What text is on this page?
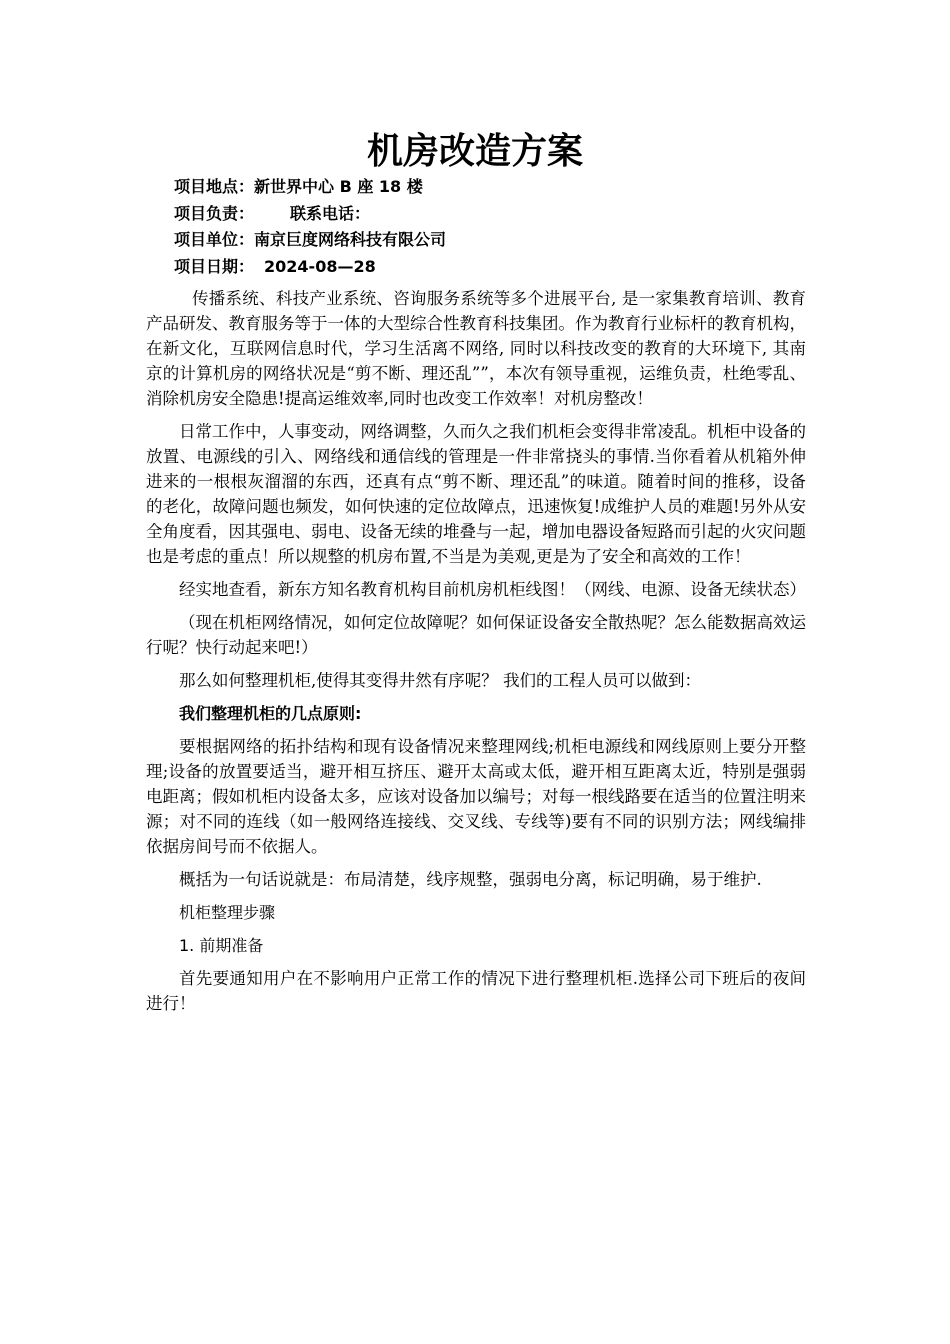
机房改造方案
项目地点：新世界中心 B 座 18 楼
项目负责： 联系电话：
项目单位：南京巨度网络科技有限公司
项目日期： 2024-08—28

传播系统、科技产业系统、咨询服务系统等多个进展平台, 是一家集教育培训、教育产品研发、教育服务等于一体的大型综合性教育科技集团。作为教育行业标杆的教育机构，在新文化，互联网信息时代，学习生活离不网络, 同时以科技改变的教育的大环境下, 其南京的计算机房的网络状况是“剪不断、理还乱””，本次有领导重视，运维负责，杜绝零乱、消除机房安全隐患!提高运维效率,同时也改变工作效率！对机房整改！

日常工作中，人事变动，网络调整，久而久之我们机柜会变得非常凌乱。机柜中设备的放置、电源线的引入、网络线和通信线的管理是一件非常挠头的事情.当你看着从机箱外伸进来的一根根灰溜溜的东西，还真有点“剪不断、理还乱”的味道。随着时间的推移，设备的老化，故障问题也频发，如何快速的定位故障点，迅速恢复!成维护人员的难题!另外从安全角度看，因其强电、弱电、设备无续的堆叠与一起，增加电器设备短路而引起的火灾问题也是考虑的重点！所以规整的机房布置,不当是为美观,更是为了安全和高效的工作！

经实地查看，新东方知名教育机构目前机房机柜线图！（网线、电源、设备无续状态）

（现在机柜网络情况，如何定位故障呢？如何保证设备安全散热呢？怎么能数据高效运行呢？快行动起来吧!）

那么如何整理机柜,使得其变得井然有序呢？ 我们的工程人员可以做到：

我们整理机柜的几点原则:

要根据网络的拓扑结构和现有设备情况来整理网线;机柜电源线和网线原则上要分开整理;设备的放置要适当，避开相互挤压、避开太高或太低，避开相互距离太近，特别是强弱电距离；假如机柜内设备太多，应该对设备加以编号；对每一根线路要在适当的位置注明来源；对不同的连线（如一般网络连接线、交叉线、专线等)要有不同的识别方法；网线编排依据房间号而不依据人。

概括为一句话说就是：布局清楚，线序规整，强弱电分离，标记明确，易于维护.

机柜整理步骤

1. 前期准备

首先要通知用户在不影响用户正常工作的情况下进行整理机柜.选择公司下班后的夜间进行！
